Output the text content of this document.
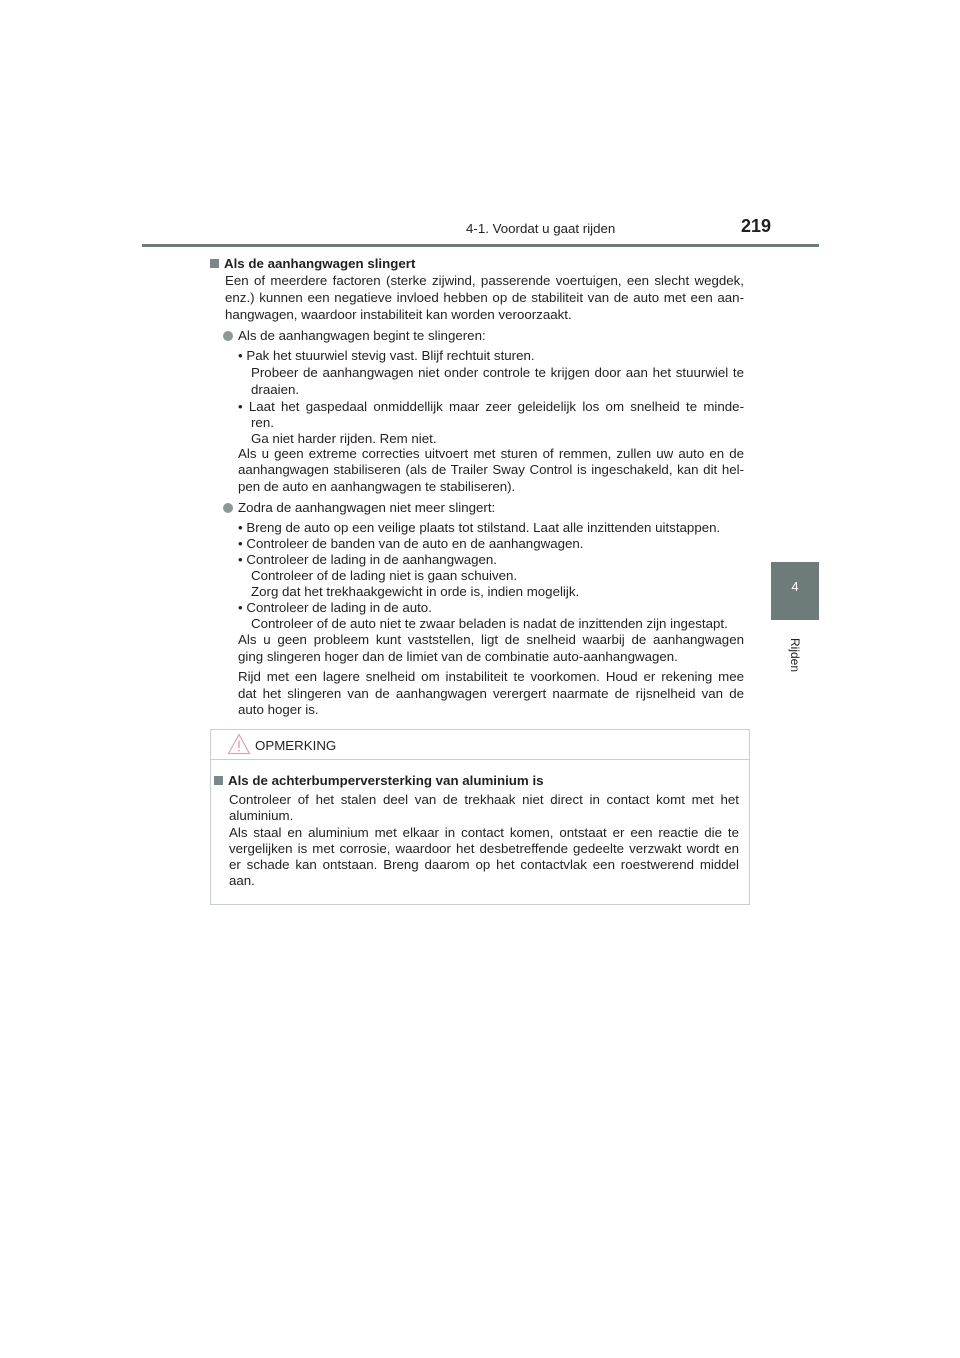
4-1. Voordat u gaat rijden	219
4
Rijden
Als de aanhangwagen slingert
Een of meerdere factoren (sterke zijwind, passerende voertuigen, een slecht wegdek,
enz.) kunnen een negatieve invloed hebben op de stabiliteit van de auto met een aan-
hangwagen, waardoor instabiliteit kan worden veroorzaakt.
Als de aanhangwagen begint te slingeren:
• Pak het stuurwiel stevig vast. Blijf rechtuit sturen.
Probeer de aanhangwagen niet onder controle te krijgen door aan het stuurwiel te
draaien.
• Laat het gaspedaal onmiddellijk maar zeer geleidelijk los om snelheid te minde-
ren.
Ga niet harder rijden. Rem niet.
Als u geen extreme correcties uitvoert met sturen of remmen, zullen uw auto en de
aanhangwagen stabiliseren (als de Trailer Sway Control is ingeschakeld, kan dit hel-
pen de auto en aanhangwagen te stabiliseren).
Zodra de aanhangwagen niet meer slingert:
• Breng de auto op een veilige plaats tot stilstand. Laat alle inzittenden uitstappen.
• Controleer de banden van de auto en de aanhangwagen.
• Controleer de lading in de aanhangwagen.
Controleer of de lading niet is gaan schuiven.
Zorg dat het trekhaakgewicht in orde is, indien mogelijk.
• Controleer de lading in de auto.
Controleer of de auto niet te zwaar beladen is nadat de inzittenden zijn ingestapt.
Als u geen probleem kunt vaststellen, ligt de snelheid waarbij de aanhangwagen
ging slingeren hoger dan de limiet van de combinatie auto-aanhangwagen.
Rijd met een lagere snelheid om instabiliteit te voorkomen. Houd er rekening mee
dat het slingeren van de aanhangwagen verergert naarmate de rijsnelheid van de
auto hoger is.
OPMERKING
Als de achterbumperversterking van aluminium is
Controleer of het stalen deel van de trekhaak niet direct in contact komt met het
aluminium.
Als staal en aluminium met elkaar in contact komen, ontstaat er een reactie die te
vergelijken is met corrosie, waardoor het desbetreffende gedeelte verzwakt wordt en
er schade kan ontstaan. Breng daarom op het contactvlak een roestwerend middel
aan.
